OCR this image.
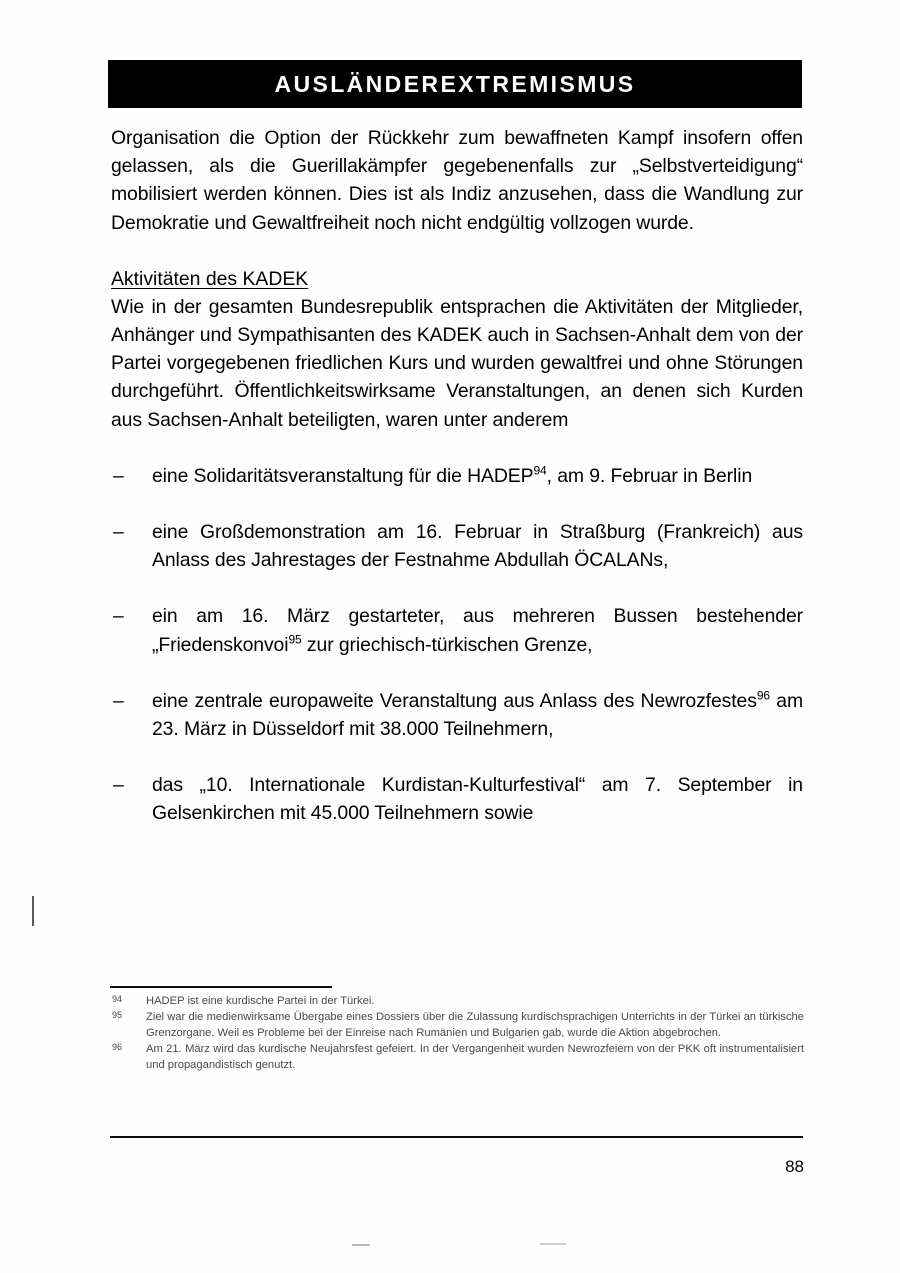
AUSLÄNDEREXTREMISMUS

Organisation die Option der Rückkehr zum bewaffneten Kampf insofern offen gelassen, als die Guerillakämpfer gegebenenfalls zur „Selbstverteidigung“ mobilisiert werden können. Dies ist als Indiz anzusehen, dass die Wandlung zur Demokratie und Gewaltfreiheit noch nicht endgültig vollzogen wurde.

Aktivitäten des KADEK

Wie in der gesamten Bundesrepublik entsprachen die Aktivitäten der Mitglieder, Anhänger und Sympathisanten des KADEK auch in Sachsen-Anhalt dem von der Partei vorgegebenen friedlichen Kurs und wurden gewaltfrei und ohne Störungen durchgeführt. Öffentlichkeitswirksame Veranstaltungen, an denen sich Kurden aus Sachsen-Anhalt beteiligten, waren unter anderem

– eine Solidaritätsveranstaltung für die HADEP$^{94}$, am 9. Februar in Berlin
– eine Großdemonstration am 16. Februar in Straßburg (Frankreich) aus Anlass des Jahrestages der Festnahme Abdullah ÖCALANs,
– ein am 16. März gestarteter, aus mehreren Bussen bestehender „Friedenskonvoi$^{95}$ zur griechisch-türkischen Grenze,
– eine zentrale europaweite Veranstaltung aus Anlass des Newrozfestes$^{96}$ am 23. März in Düsseldorf mit 38.000 Teilnehmern,
– das „10. Internationale Kurdistan-Kulturfestival“ am 7. September in Gelsenkirchen mit 45.000 Teilnehmern sowie
94 HADEP ist eine kurdische Partei in der Türkei.
95 Ziel war die medienwirksame Übergabe eines Dossiers über die Zulassung kurdischsprachigen Unterrichts in der Türkei an türkische Grenzorgane. Weil es Probleme bei der Einreise nach Rumänien und Bulgarien gab, wurde die Aktion abgebrochen.
96 Am 21. März wird das kurdische Neujahrsfest gefeiert. In der Vergangenheit wurden Newrozfeiern von der PKK oft instrumentalisiert und propagandistisch genutzt.
88
